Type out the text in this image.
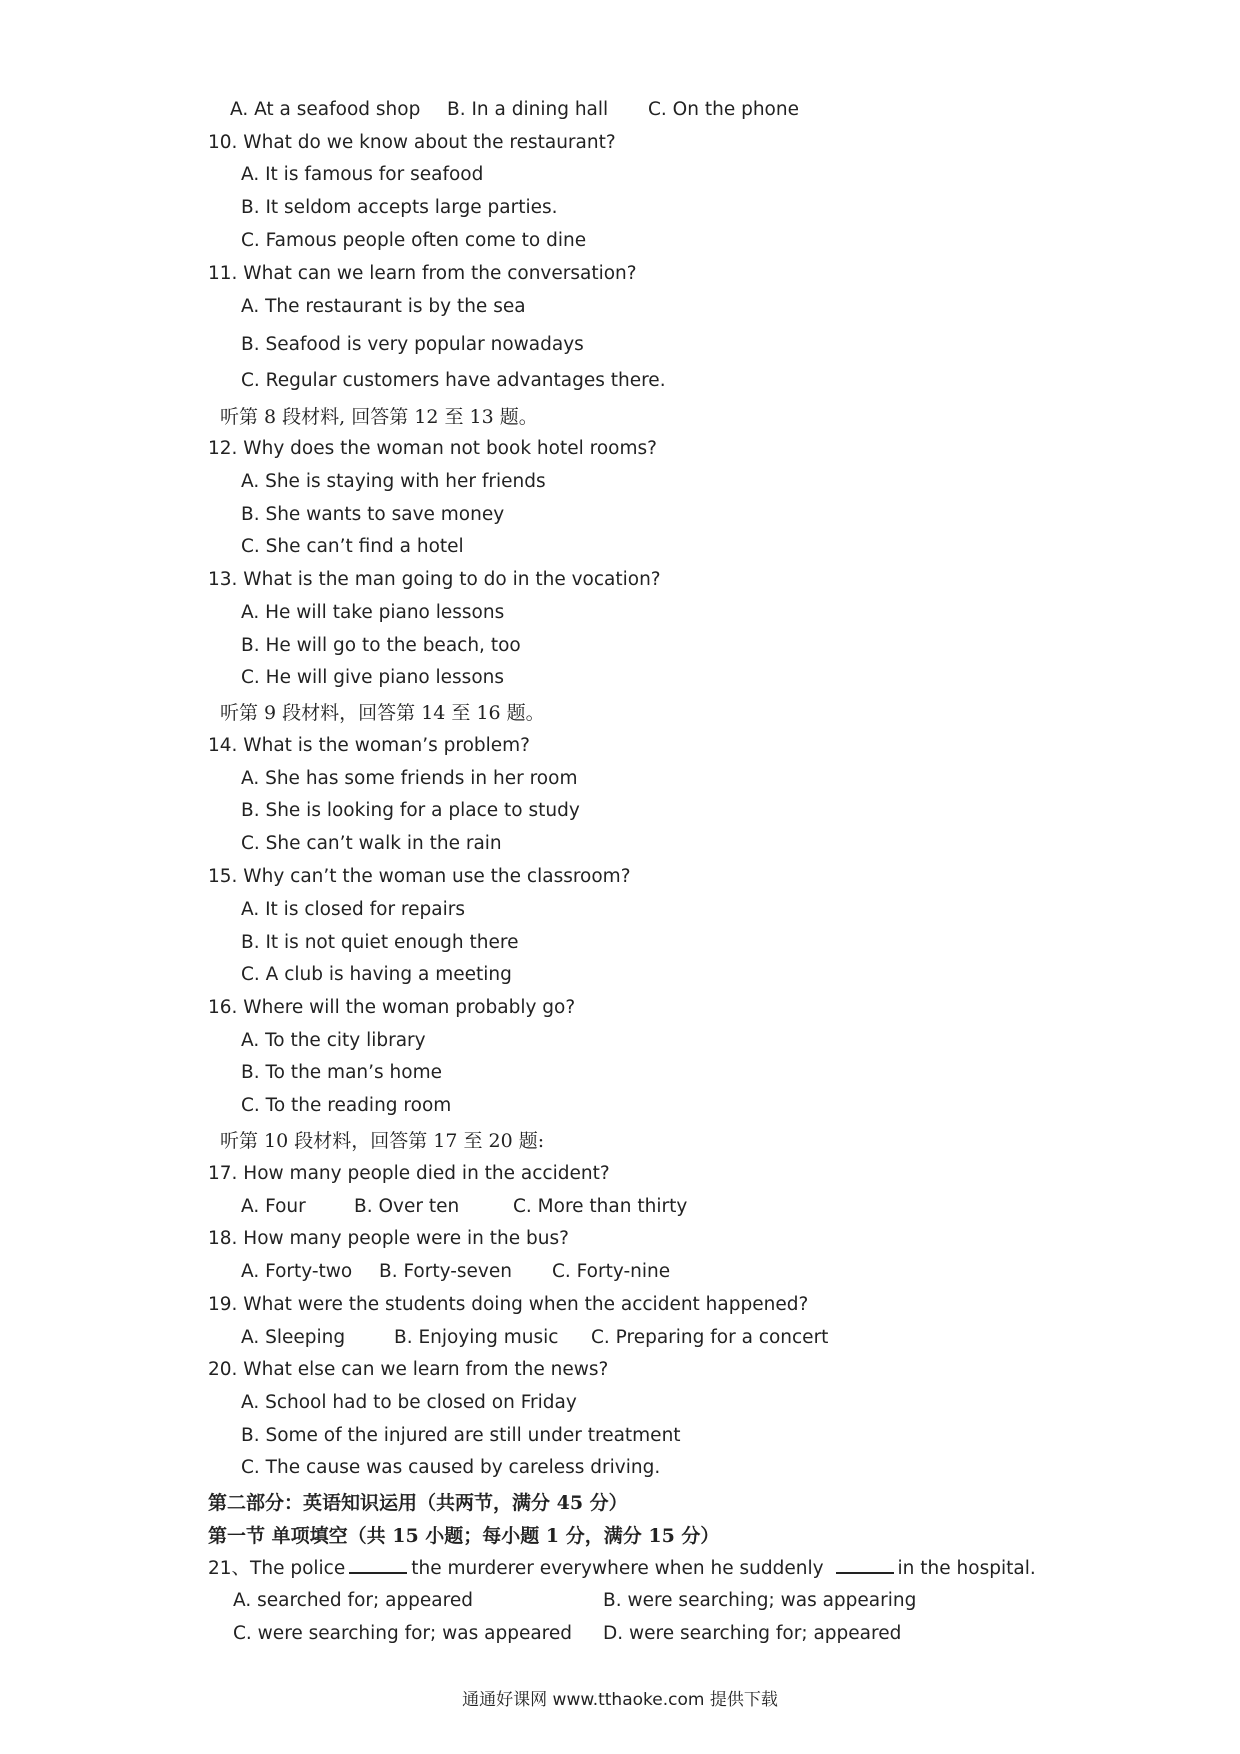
A. At a seafood shop B. In a dining hall C. On the phone
10. What do we know about the restaurant?
A. It is famous for seafood
B. It seldom accepts large parties.
C. Famous people often come to dine
11. What can we learn from the conversation?
A. The restaurant is by the sea
B. Seafood is very popular nowadays
C. Regular customers have advantages there.
听第 8 段材料, 回答第 12 至 13 题。
12. Why does the woman not book hotel rooms?
A. She is staying with her friends
B. She wants to save money
C. She can’t find a hotel
13. What is the man going to do in the vocation?
A. He will take piano lessons
B. He will go to the beach, too
C. He will give piano lessons
听第 9 段材料，回答第 14 至 16 题。
14. What is the woman’s problem?
A. She has some friends in her room
B. She is looking for a place to study
C. She can’t walk in the rain
15. Why can’t the woman use the classroom?
A. It is closed for repairs
B. It is not quiet enough there
C. A club is having a meeting
16. Where will the woman probably go?
A. To the city library
B. To the man’s home
C. To the reading room
听第 10 段材料，回答第 17 至 20 题:
17. How many people died in the accident?
A. Four	B. Over ten	C. More than thirty
18. How many people were in the bus?
A. Forty-two B. Forty-seven C. Forty-nine
19. What were the students doing when the accident happened?
A. Sleeping	B. Enjoying music C. Preparing for a concert
20. What else can we learn from the news?
A. School had to be closed on Friday
B. Some of the injured are still under treatment
C. The cause was caused by careless driving.
第二部分：英语知识运用（共两节，满分 45 分）
第一节 单项填空（共 15 小题；每小题 1 分，满分 15 分）
21、The police	the murderer everywhere when he suddenly	in the hospital.
A. searched for; appeared	B. were searching; was appearing
C. were searching for; was appeared D. were searching for; appeared
通通好课网 www.tthaoke.com 提供下载
